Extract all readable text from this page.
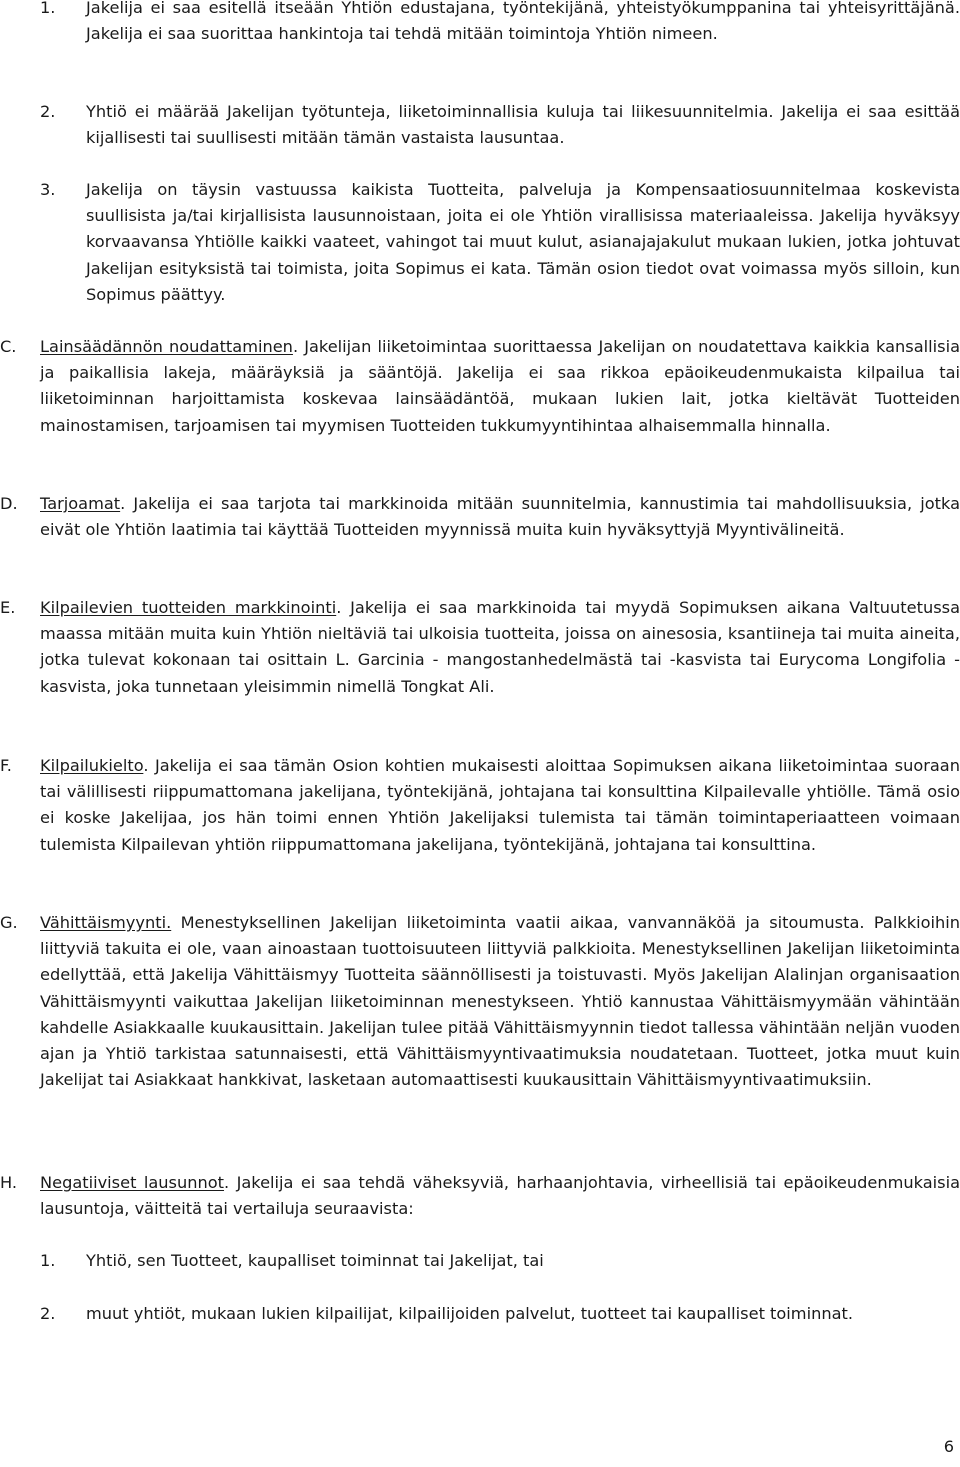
1.	Jakelija ei saa esitellä itseään Yhtiön edustajana, työntekijänä, yhteistyökumppanina tai yhteisyrittäjänä. Jakelija ei saa suorittaa hankintoja tai tehdä mitään toimintoja Yhtiön nimeen.
2.	Yhtiö ei määrää Jakelijan työtunteja, liiketoiminnallisia kuluja tai liikesuunnitelmia. Jakelija ei saa esittää kijallisesti tai suullisesti mitään tämän vastaista lausuntaa.
3.	Jakelija on täysin vastuussa kaikista Tuotteita, palveluja ja Kompensaatiosuunnitelmaa koskevista suullisista ja/tai kirjallisista lausunnoistaan, joita ei ole Yhtiön virallisissa materiaaleissa. Jakelija hyväksyy korvaavansa Yhtiölle kaikki vaateet, vahingot tai muut kulut, asianajajakulut mukaan lukien, jotka johtuvat Jakelijan esityksistä tai toimista, joita Sopimus ei kata. Tämän osion tiedot ovat voimassa myös silloin, kun Sopimus päättyy.
C.	Lainsäädännön noudattaminen. Jakelijan liiketoimintaa suorittaessa Jakelijan on noudatettava kaikkia kansallisia ja paikallisia lakeja, määräyksiä ja sääntöjä. Jakelija ei saa rikkoa epäoikeudenmukaista kilpailua tai liiketoiminnan harjoittamista koskevaa lainsäädäntöä, mukaan lukien lait, jotka kieltävät Tuotteiden mainostamisen, tarjoamisen tai myymisen Tuotteiden tukkumyyntihintaa alhaisemmalla hinnalla.
D.	Tarjoamat. Jakelija ei saa tarjota tai markkinoida mitään suunnitelmia, kannustimia tai mahdollisuuksia, jotka eivät ole Yhtiön laatimia tai käyttää Tuotteiden myynnissä muita kuin hyväksyttyjä Myyntivälineitä.
E.	Kilpailevien tuotteiden markkinointi. Jakelija ei saa markkinoida tai myydä Sopimuksen aikana Valtuutetussa maassa mitään muita kuin Yhtiön nieltäviä tai ulkoisia tuotteita, joissa on ainesosia, ksantiineja tai muita aineita, jotka tulevat kokonaan tai osittain L. Garcinia - mangostanhedelmästä tai -kasvista tai Eurycoma Longifolia -kasvista, joka tunnetaan yleisimmin nimellä Tongkat Ali.
F.	Kilpailukielto. Jakelija ei saa tämän Osion kohtien mukaisesti aloittaa Sopimuksen aikana liiketoimintaa suoraan tai välillisesti riippumattomana jakelijana, työntekijänä, johtajana tai konsulttina Kilpailevalle yhtiölle. Tämä osio ei koske Jakelijaa, jos hän toimi ennen Yhtiön Jakelijaksi tulemista tai tämän toimintaperiaatteen voimaan tulemista Kilpailevan yhtiön riippumattomana jakelijana, työntekijänä, johtajana tai konsulttina.
G.	Vähittäismyynti. Menestyksellinen Jakelijan liiketoiminta vaatii aikaa, vanvannäköä ja sitoumusta. Palkkioihin liittyviä takuita ei ole, vaan ainoastaan tuottoisuuteen liittyviä palkkioita. Menestyksellinen Jakelijan liiketoiminta edellyttää, että Jakelija Vähittäismyy Tuotteita säännöllisesti ja toistuvasti. Myös Jakelijan Alalinjan organisaation Vähittäismyynti vaikuttaa Jakelijan liiketoiminnan menestykseen. Yhtiö kannustaa Vähittäismyymään vähintään kahdelle Asiakkaalle kuukausittain. Jakelijan tulee pitää Vähittäismyynnin tiedot tallessa vähintään neljän vuoden ajan ja Yhtiö tarkistaa satunnaisesti, että Vähittäismyyntivaatimuksia noudatetaan. Tuotteet, jotka muut kuin Jakelijat tai Asiakkaat hankkivat, lasketaan automaattisesti kuukausittain Vähittäismyyntivaatimuksiin.
H.	Negatiiviset lausunnot. Jakelija ei saa tehdä väheksyviä, harhaanjohtavia, virheellisiä tai epäoikeudenmukaisia lausuntoja, väitteitä tai vertailuja seuraavista:
1.	Yhtiö, sen Tuotteet, kaupalliset toiminnat tai Jakelijat, tai
2.	muut yhtiöt, mukaan lukien kilpailijat, kilpailijoiden palvelut, tuotteet tai kaupalliset toiminnat.
6
